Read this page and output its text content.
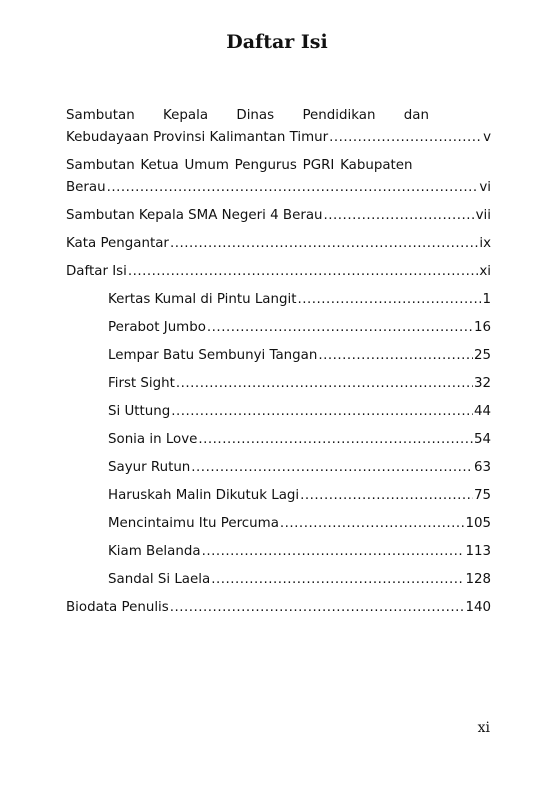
Daftar Isi
Sambutan Kepala Dinas Pendidikan dan
Kebudayaan Provinsi Kalimantan Timur .....	v
Sambutan Ketua Umum Pengurus PGRI Kabupaten
Berau .....	vi
Sambutan Kepala SMA Negeri 4 Berau .....	vii
Kata Pengantar .....	ix
Daftar Isi .....	xi
Kertas Kumal di Pintu Langit .....	1
Perabot Jumbo .....	16
Lempar Batu Sembunyi Tangan .....	25
First Sight .....	32
Si Uttung .....	44
Sonia in Love .....	54
Sayur Rutun .....	63
Haruskah Malin Dikutuk Lagi .....	75
Mencintaimu Itu Percuma .....	105
Kiam Belanda .....	113
Sandal Si Laela .....	128
Biodata Penulis .....	140
xi
